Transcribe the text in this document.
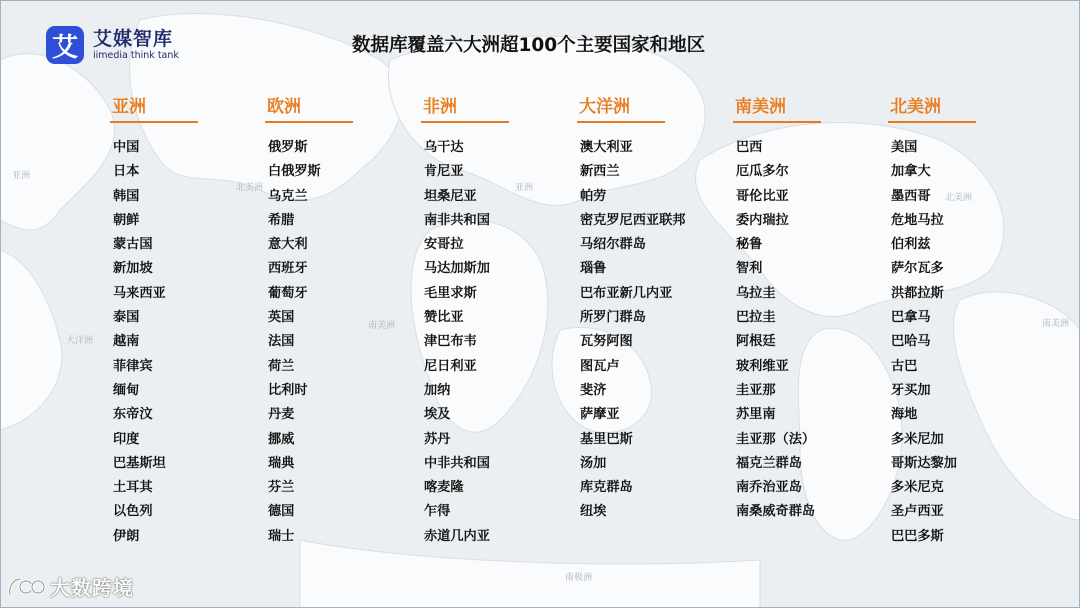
亚洲
北美洲
南美洲
大洋洲
南极洲
亚洲
北美洲
南美洲
艾 艾媒智库
iimedia think tank	数据库覆盖六大洲超100个主要国家和地区
亚洲
中国
日本
韩国
朝鲜
蒙古国
新加坡
马来西亚
泰国
越南
菲律宾
缅甸
东帝汶
印度
巴基斯坦
土耳其
以色列
伊朗
欧洲
俄罗斯
白俄罗斯
乌克兰
希腊
意大利
西班牙
葡萄牙
英国
法国
荷兰
比利时
丹麦
挪威
瑞典
芬兰
德国
瑞士
非洲
乌干达
肯尼亚
坦桑尼亚
南非共和国
安哥拉
马达加斯加
毛里求斯
赞比亚
津巴布韦
尼日利亚
加纳
埃及
苏丹
中非共和国
喀麦隆
乍得
赤道几内亚
大洋洲
澳大利亚
新西兰
帕劳
密克罗尼西亚联邦
马绍尔群岛
瑙鲁
巴布亚新几内亚
所罗门群岛
瓦努阿图
图瓦卢
斐济
萨摩亚
基里巴斯
汤加
库克群岛
纽埃
南美洲
巴西
厄瓜多尔
哥伦比亚
委内瑞拉
秘鲁
智利
乌拉圭
巴拉圭
阿根廷
玻利维亚
圭亚那
苏里南
圭亚那（法）
福克兰群岛
南乔治亚岛
南桑威奇群岛
北美洲
美国
加拿大
墨西哥
危地马拉
伯利兹
萨尔瓦多
洪都拉斯
巴拿马
巴哈马
古巴
牙买加
海地
多米尼加
哥斯达黎加
多米尼克
圣卢西亚
巴巴多斯
大数跨境
